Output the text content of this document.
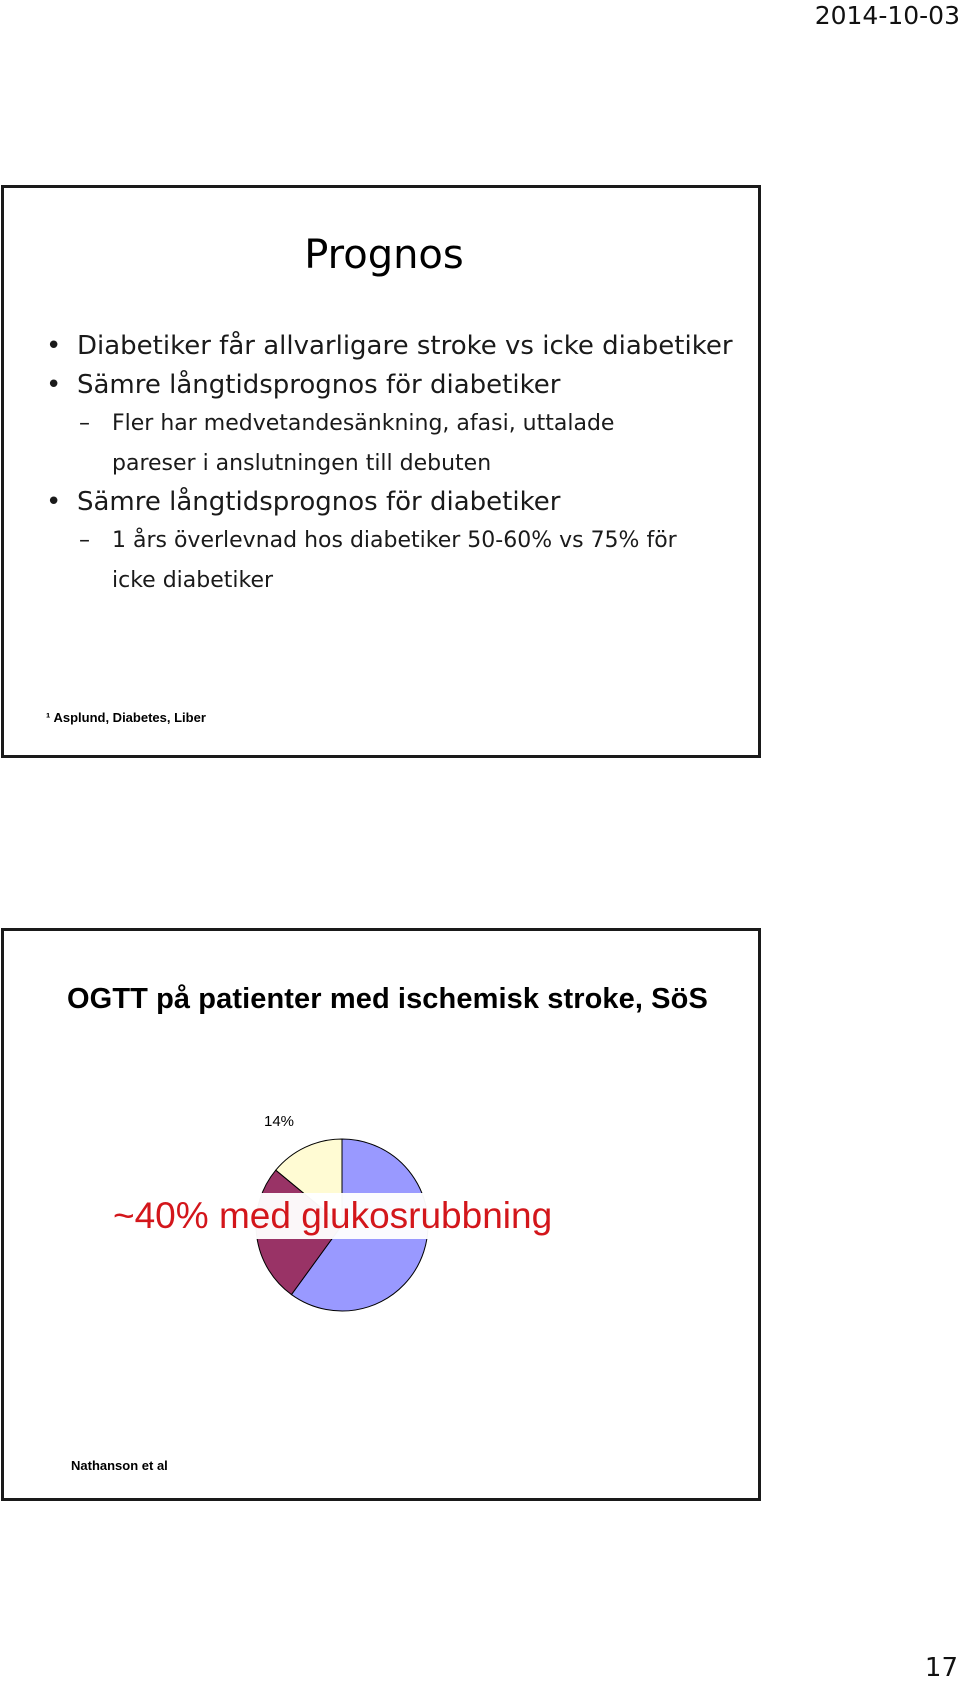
2014-10-03
Prognos
• Diabetiker får allvarligare stroke vs icke diabetiker
• Sämre långtidsprognos för diabetiker
– Fler har medvetandesänkning, afasi, uttalade pareser i anslutningen till debuten
• Sämre långtidsprognos för diabetiker
– 1 års överlevnad hos diabetiker 50-60% vs 75% för icke diabetiker
¹ Asplund, Diabetes, Liber
OGTT på patienter med ischemisk stroke, SöS
14%
~40% med glukosrubbning
Nathanson et al
17
